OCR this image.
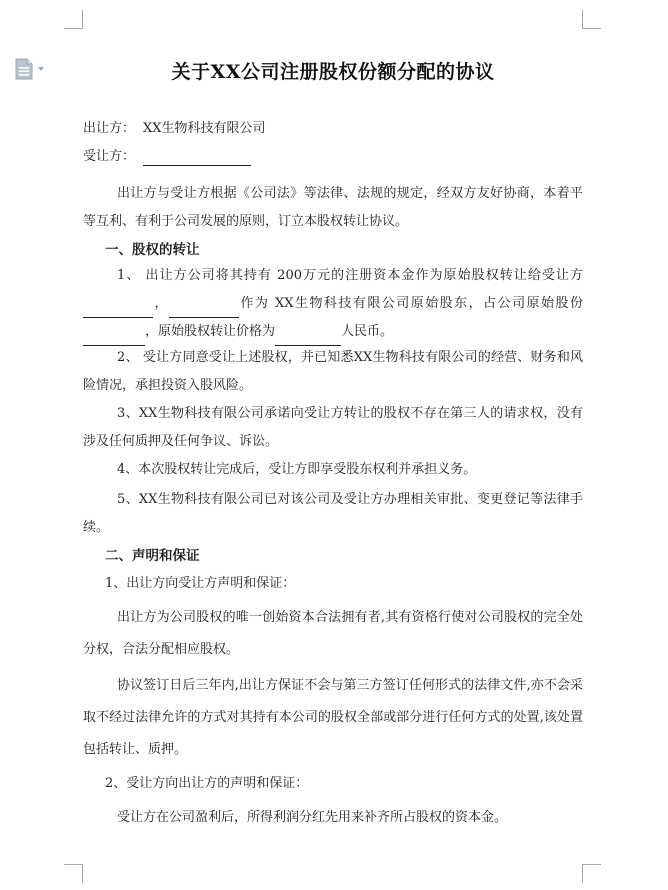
关于XX公司注册股权份额分配的协议
出让方： XX生物科技有限公司
受让方：

出让方与受让方根据《公司法》等法律、法规的规定，经双方友好协商，本着平等互利、有利于公司发展的原则，订立本股权转让协议。

一、股权的转让

1、 出让方公司将其持有 200万元的注册资本金作为原始股权转让给受让方，	作为 XX生物科技有限公司原始股东，占公司原始股份，原始股权转让价格为	人民币。

2、 受让方同意受让上述股权，并已知悉XX生物科技有限公司的经营、财务和风险情况，承担投资入股风险。

3、XX生物科技有限公司承诺向受让方转让的股权不存在第三人的请求权，没有涉及任何质押及任何争议、诉讼。

4、本次股权转让完成后，受让方即享受股东权利并承担义务。

5、XX生物科技有限公司已对该公司及受让方办理相关审批、变更登记等法律手续。

二、声明和保证

1、出让方向受让方声明和保证：

出让方为公司股权的唯一创始资本合法拥有者,其有资格行使对公司股权的完全处分权，合法分配相应股权。

协议签订日后三年内,出让方保证不会与第三方签订任何形式的法律文件,亦不会采取不经过法律允许的方式对其持有本公司的股权全部或部分进行任何方式的处置,该处置包括转让、质押。

2、受让方向出让方的声明和保证：

受让方在公司盈利后，所得利润分红先用来补齐所占股权的资本金。
